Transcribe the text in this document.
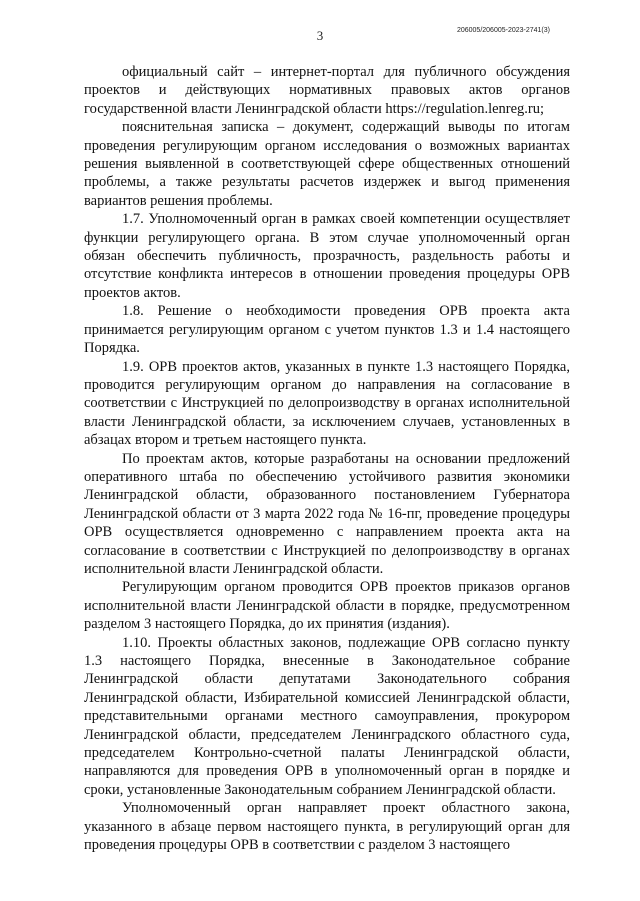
206005/206005-2023-2741(3)
3

официальный сайт – интернет-портал для публичного обсуждения проектов и действующих нормативных правовых актов органов государственной власти Ленинградской области https://regulation.lenreg.ru;

пояснительная записка – документ, содержащий выводы по итогам проведения регулирующим органом исследования о возможных вариантах решения выявленной в соответствующей сфере общественных отношений проблемы, а также результаты расчетов издержек и выгод применения вариантов решения проблемы.

1.7. Уполномоченный орган в рамках своей компетенции осуществляет функции регулирующего органа. В этом случае уполномоченный орган обязан обеспечить публичность, прозрачность, раздельность работы и отсутствие конфликта интересов в отношении проведения процедуры ОРВ проектов актов.

1.8. Решение о необходимости проведения ОРВ проекта акта принимается регулирующим органом с учетом пунктов 1.3 и 1.4 настоящего Порядка.

1.9. ОРВ проектов актов, указанных в пункте 1.3 настоящего Порядка, проводится регулирующим органом до направления на согласование в соответствии с Инструкцией по делопроизводству в органах исполнительной власти Ленинградской области, за исключением случаев, установленных в абзацах втором и третьем настоящего пункта.

По проектам актов, которые разработаны на основании предложений оперативного штаба по обеспечению устойчивого развития экономики Ленинградской области, образованного постановлением Губернатора Ленинградской области от 3 марта 2022 года № 16-пг, проведение процедуры ОРВ осуществляется одновременно с направлением проекта акта на согласование в соответствии с Инструкцией по делопроизводству в органах исполнительной власти Ленинградской области.

Регулирующим органом проводится ОРВ проектов приказов органов исполнительной власти Ленинградской области в порядке, предусмотренном разделом 3 настоящего Порядка, до их принятия (издания).

1.10. Проекты областных законов, подлежащие ОРВ согласно пункту 1.3 настоящего Порядка, внесенные в Законодательное собрание Ленинградской области депутатами Законодательного собрания Ленинградской области, Избирательной комиссией Ленинградской области, представительными органами местного самоуправления, прокурором Ленинградской области, председателем Ленинградского областного суда, председателем Контрольно-счетной палаты Ленинградской области, направляются для проведения ОРВ в уполномоченный орган в порядке и сроки, установленные Законодательным собранием Ленинградской области.

Уполномоченный орган направляет проект областного закона, указанного в абзаце первом настоящего пункта, в регулирующий орган для проведения процедуры ОРВ в соответствии с разделом 3 настоящего
